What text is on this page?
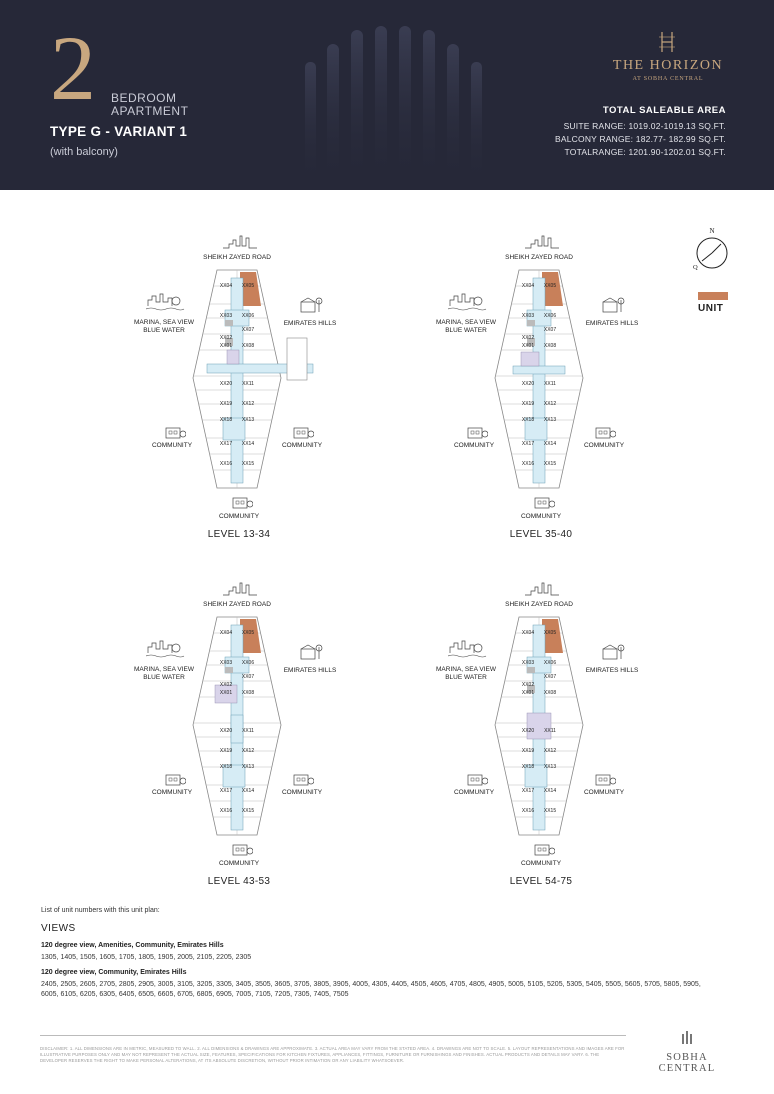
2 BEDROOM
APARTMENT
TYPE G - VARIANT 1
(with balcony)
THE HORIZON
AT SOBHA CENTRAL
TOTAL SALEABLE AREA
SUITE RANGE: 1019.02-1019.13 SQ.FT.
BALCONY RANGE: 182.77- 182.99 SQ.FT.
TOTALRANGE: 1201.90-1202.01 SQ.FT.
N
Q
UNIT
XX04
XX03
XX02
XX01
XX20
XX19
XX18
XX17
XX16
XX05
XX06
XX07
XX08
XX11
XX12
XX13
XX14
XX15
SHEIKH ZAYED ROAD
MARINA, SEA VIEW
BLUE WATER
EMIRATES HILLS
COMMUNITY	COMMUNITY
COMMUNITY
LEVEL 13-34
XX04
XX03
XX02
XX01
XX20
XX19
XX18
XX17
XX16
XX05
XX06
XX07
XX08
XX11
XX12
XX13
XX14
XX15
SHEIKH ZAYED ROAD
MARINA, SEA VIEW
BLUE WATER
EMIRATES HILLS
COMMUNITY	COMMUNITY
COMMUNITY
LEVEL 35-40
XX04
XX03
XX02
XX01
XX20
XX19
XX18
XX17
XX16
XX05
XX06
XX07
XX08
XX11
XX12
XX13
XX14
XX15
SHEIKH ZAYED ROAD
MARINA, SEA VIEW
BLUE WATER
EMIRATES HILLS
COMMUNITY	COMMUNITY
COMMUNITY
LEVEL 43-53
XX04
XX03
XX02
XX01
XX20
XX19
XX18
XX17
XX16
XX05
XX06
XX07
XX08
XX11
XX12
XX13
XX14
XX15
SHEIKH ZAYED ROAD
MARINA, SEA VIEW
BLUE WATER
EMIRATES HILLS
COMMUNITY	COMMUNITY
COMMUNITY
LEVEL 54-75
List of unit numbers with this unit plan:
VIEWS
120 degree view, Amenities, Community, Emirates Hills
1305, 1405, 1505, 1605, 1705, 1805, 1905, 2005, 2105, 2205, 2305
120 degree view, Community, Emirates Hills
2405, 2505, 2605, 2705, 2805, 2905, 3005, 3105, 3205, 3305, 3405, 3505, 3605, 3705, 3805, 3905, 4005, 4305, 4405, 4505, 4605, 4705, 4805, 4905, 5005, 5105, 5205, 5305, 5405, 5505, 5605, 5705, 5805, 5905, 6005, 6105, 6205, 6305, 6405, 6505, 6605, 6705, 6805, 6905, 7005, 7105, 7205, 7305, 7405, 7505
DISCLAIMER: 1. ALL DIMENSIONS ARE IN METRIC, MEASURED TO WALL. 2. ALL DIMENSIONS & DRAWINGS ARE APPROXIMATE. 3. ACTUAL AREA MAY VARY FROM THE STATED AREA. 4. DRAWINGS ARE NOT TO SCALE. 5. LAYOUT REPRESENTATIONS AND IMAGES ARE FOR ILLUSTRATIVE PURPOSES ONLY AND MAY NOT REPRESENT THE ACTUAL SIZE, FEATURES, SPECIFICATIONS FOR KITCHEN FIXTURES, APPLIANCES, FITTINGS, FURNITURE OR FURNISHINGS AND FINISHES. ACTUAL PRODUCTS AND DETAILS MAY VARY. 6. THE DEVELOPER RESERVES THE RIGHT TO MAKE PERSONAL ALTERATIONS, AT ITS ABSOLUTE DISCRETION, WITHOUT PRIOR INTIMATION OR ANY LIABILITY WHATSOEVER.	SOBHA CENTRAL
